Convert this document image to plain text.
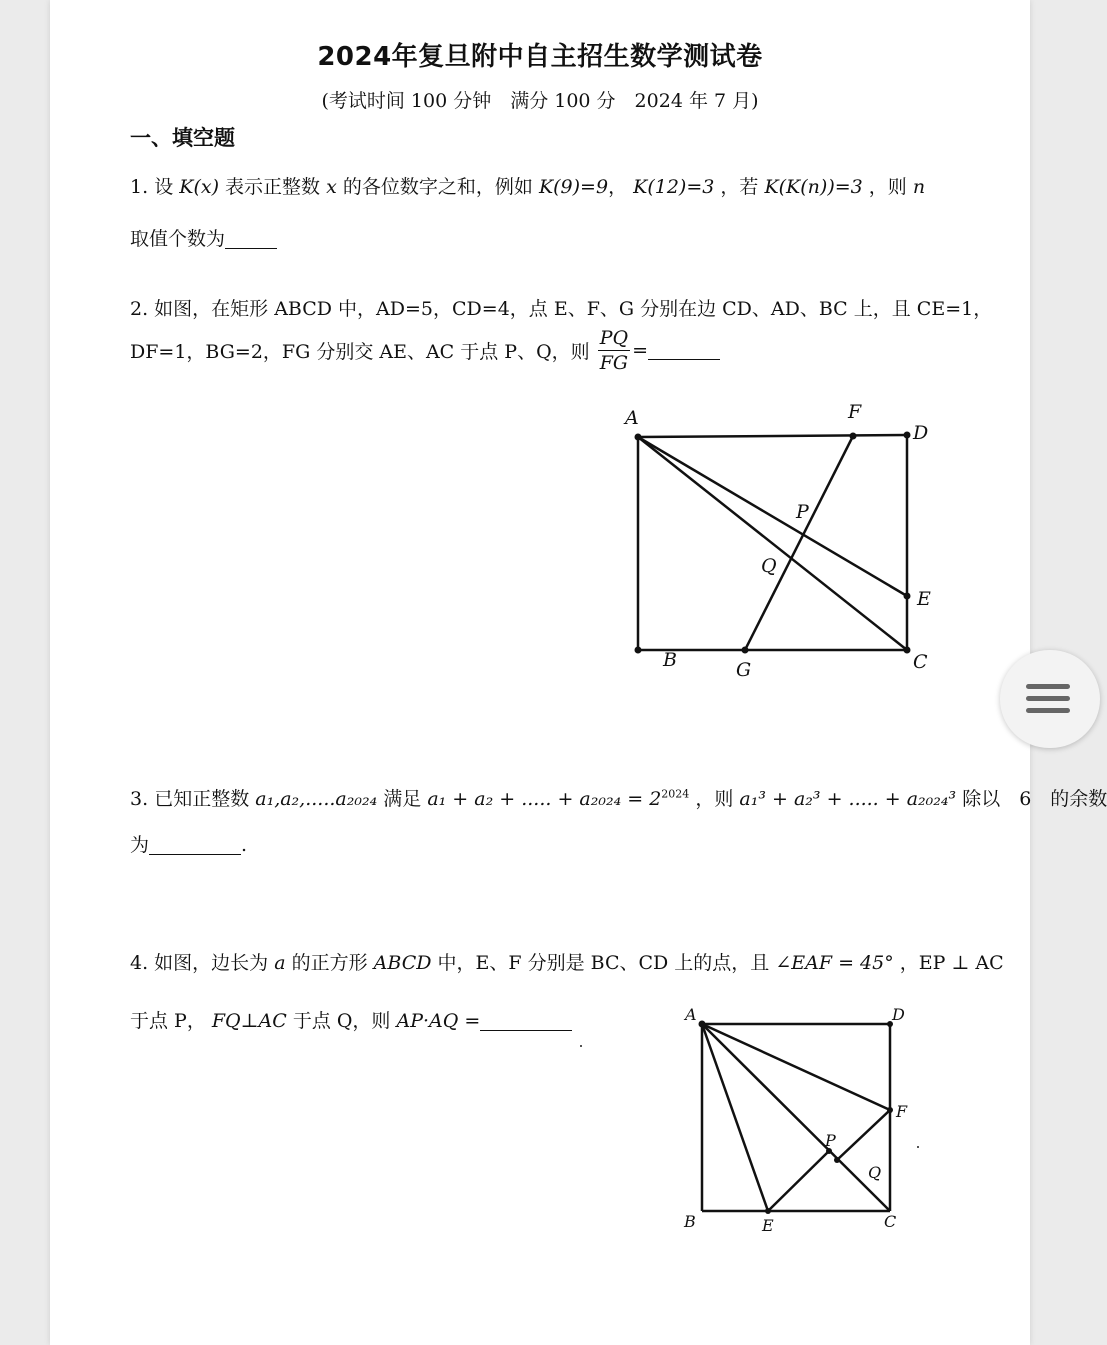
2024年复旦附中自主招生数学测试卷
(考试时间 100 分钟　满分 100 分　2024 年 7 月)
一、填空题
1. 设 K(x) 表示正整数 x 的各位数字之和，例如 K(9)=9， K(12)=3 ，若 K(K(n))=3 ，则 n
取值个数为
2. 如图，在矩形 ABCD 中，AD=5，CD=4，点 E、F、G 分别在边 CD、AD、BC 上，且 CE=1，
DF=1，BG=2，FG 分别交 AE、AC 于点 P、Q，则 $\frac{PQ}{FG}$ =
A	F
D
P
Q
E
B	G	C
3. 已知正整数 a₁,a₂,.....a₂₀₂₄ 满足 a₁ + a₂ + ..... + $a_{2024} = 2^{2024}$ ，则 a₁³ + a₂³ + ..... + a₂₀₂₄³ 除以　6　的余数
为	.
4. 如图，边长为 a 的正方形 ABCD 中，E、F 分别是 BC、CD 上的点，且 ∠EAF = 45° ，EP ⊥ AC
于点 P， FQ⊥AC 于点 Q，则 AP·AQ =	A	D
F
P
Q
B	E	C
